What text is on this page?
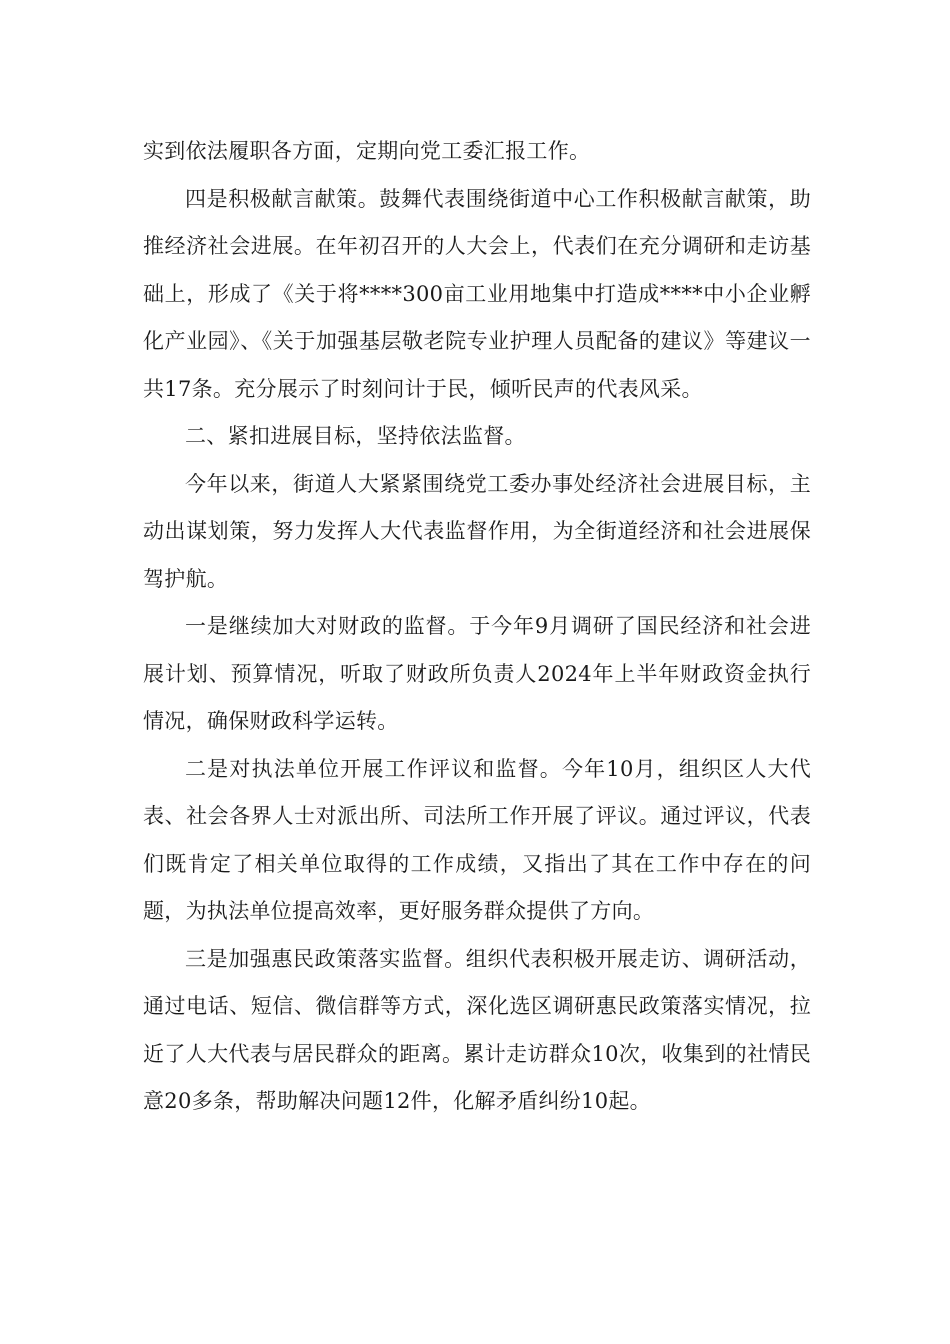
实到依法履职各方面，定期向党工委汇报工作。

四是积极献言献策。鼓舞代表围绕街道中心工作积极献言献策，助推经济社会进展。在年初召开的人大会上，代表们在充分调研和走访基础上，形成了《关于将****300亩工业用地集中打造成****中小企业孵化产业园》、《关于加强基层敬老院专业护理人员配备的建议》等建议一共17条。充分展示了时刻问计于民，倾听民声的代表风采。

二、紧扣进展目标，坚持依法监督。

今年以来，街道人大紧紧围绕党工委办事处经济社会进展目标，主动出谋划策，努力发挥人大代表监督作用，为全街道经济和社会进展保驾护航。

一是继续加大对财政的监督。于今年9月调研了国民经济和社会进展计划、预算情况，听取了财政所负责人2024年上半年财政资金执行情况，确保财政科学运转。

二是对执法单位开展工作评议和监督。今年10月，组织区人大代表、社会各界人士对派出所、司法所工作开展了评议。通过评议，代表们既肯定了相关单位取得的工作成绩，又指出了其在工作中存在的问题，为执法单位提高效率，更好服务群众提供了方向。

三是加强惠民政策落实监督。组织代表积极开展走访、调研活动，通过电话、短信、微信群等方式，深化选区调研惠民政策落实情况，拉近了人大代表与居民群众的距离。累计走访群众10次，收集到的社情民意20多条，帮助解决问题12件，化解矛盾纠纷10起。
